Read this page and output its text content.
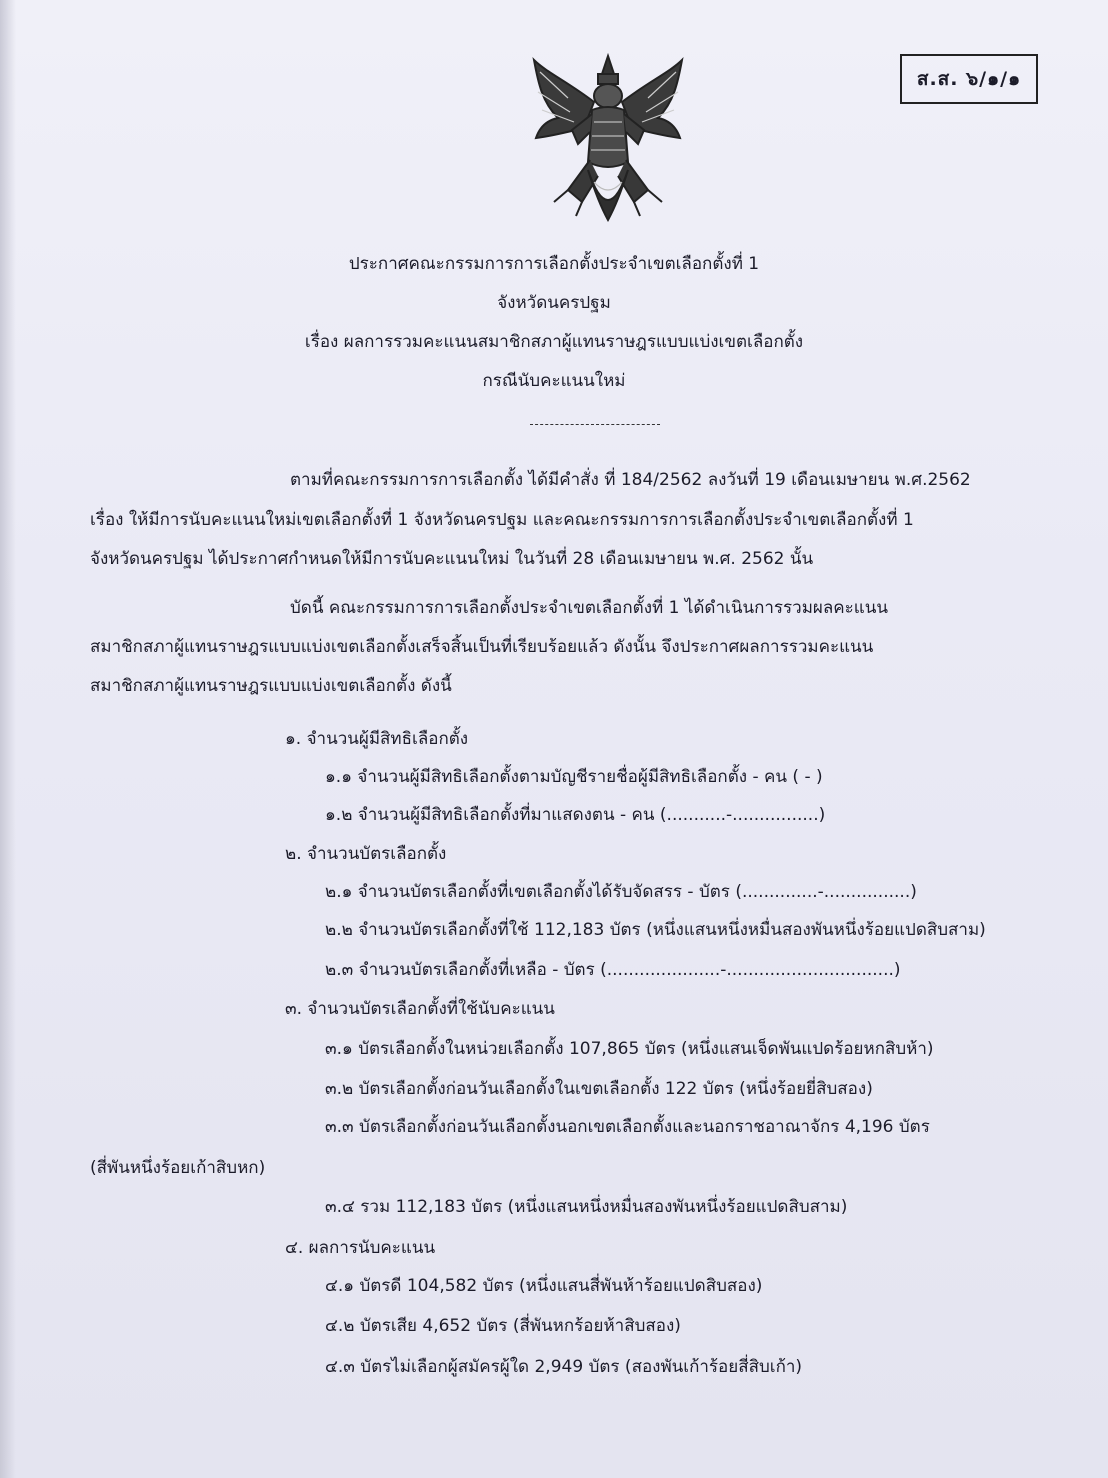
ส.ส. ๖/๑/๑
ประกาศคณะกรรมการการเลือกตั้งประจำเขตเลือกตั้งที่ 1
จังหวัดนครปฐม
เรื่อง ผลการรวมคะแนนสมาชิกสภาผู้แทนราษฎรแบบแบ่งเขตเลือกตั้ง
กรณีนับคะแนนใหม่
ตามที่คณะกรรมการการเลือกตั้ง ได้มีคำสั่ง ที่ 184/2562 ลงวันที่ 19 เดือนเมษายน พ.ศ.2562
เรื่อง ให้มีการนับคะแนนใหม่เขตเลือกตั้งที่ 1 จังหวัดนครปฐม และคณะกรรมการการเลือกตั้งประจำเขตเลือกตั้งที่ 1
จังหวัดนครปฐม ได้ประกาศกำหนดให้มีการนับคะแนนใหม่ ในวันที่ 28 เดือนเมษายน พ.ศ. 2562 นั้น
บัดนี้ คณะกรรมการการเลือกตั้งประจำเขตเลือกตั้งที่ 1 ได้ดำเนินการรวมผลคะแนน
สมาชิกสภาผู้แทนราษฎรแบบแบ่งเขตเลือกตั้งเสร็จสิ้นเป็นที่เรียบร้อยแล้ว ดังนั้น จึงประกาศผลการรวมคะแนน
สมาชิกสภาผู้แทนราษฎรแบบแบ่งเขตเลือกตั้ง ดังนี้
๑. จำนวนผู้มีสิทธิเลือกตั้ง
๑.๑ จำนวนผู้มีสิทธิเลือกตั้งตามบัญชีรายชื่อผู้มีสิทธิเลือกตั้ง - คน ( - )
๑.๒ จำนวนผู้มีสิทธิเลือกตั้งที่มาแสดงตน - คน (...........-................)
๒. จำนวนบัตรเลือกตั้ง
๒.๑ จำนวนบัตรเลือกตั้งที่เขตเลือกตั้งได้รับจัดสรร - บัตร (..............-................)
๒.๒ จำนวนบัตรเลือกตั้งที่ใช้ 112,183 บัตร (หนึ่งแสนหนึ่งหมื่นสองพันหนึ่งร้อยแปดสิบสาม)
๒.๓ จำนวนบัตรเลือกตั้งที่เหลือ - บัตร (.....................-...............................)
๓. จำนวนบัตรเลือกตั้งที่ใช้นับคะแนน
๓.๑ บัตรเลือกตั้งในหน่วยเลือกตั้ง 107,865 บัตร (หนึ่งแสนเจ็ดพันแปดร้อยหกสิบห้า)
๓.๒ บัตรเลือกตั้งก่อนวันเลือกตั้งในเขตเลือกตั้ง 122 บัตร (หนึ่งร้อยยี่สิบสอง)
๓.๓ บัตรเลือกตั้งก่อนวันเลือกตั้งนอกเขตเลือกตั้งและนอกราชอาณาจักร 4,196 บัตร
(สี่พันหนึ่งร้อยเก้าสิบหก)
๓.๔ รวม 112,183 บัตร (หนึ่งแสนหนึ่งหมื่นสองพันหนึ่งร้อยแปดสิบสาม)
๔. ผลการนับคะแนน
๔.๑ บัตรดี 104,582 บัตร (หนึ่งแสนสี่พันห้าร้อยแปดสิบสอง)
๔.๒ บัตรเสีย 4,652 บัตร (สี่พันหกร้อยห้าสิบสอง)
๔.๓ บัตรไม่เลือกผู้สมัครผู้ใด 2,949 บัตร (สองพันเก้าร้อยสี่สิบเก้า)
